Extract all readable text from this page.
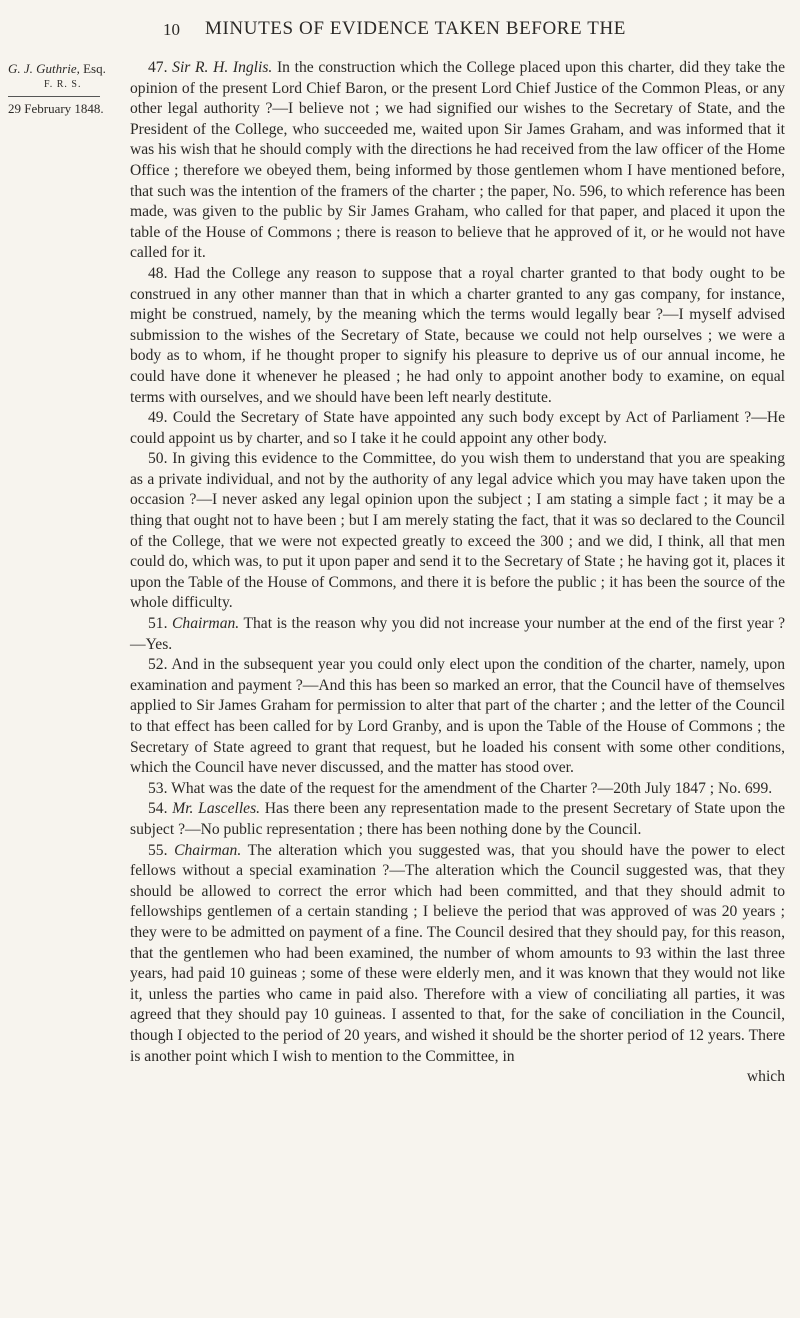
10 MINUTES OF EVIDENCE TAKEN BEFORE THE
G. J. Guthrie, Esq.
F. R. S.
29 February 1848.

47. Sir R. H. Inglis. In the construction which the College placed upon this charter, did they take the opinion of the present Lord Chief Baron, or the present Lord Chief Justice of the Common Pleas, or any other legal authority ?—I believe not ; we had signified our wishes to the Secretary of State, and the President of the College, who succeeded me, waited upon Sir James Graham, and was informed that it was his wish that he should comply with the directions he had received from the law officer of the Home Office ; therefore we obeyed them, being informed by those gentlemen whom I have mentioned before, that such was the intention of the framers of the charter ; the paper, No. 596, to which reference has been made, was given to the public by Sir James Graham, who called for that paper, and placed it upon the table of the House of Commons ; there is reason to believe that he approved of it, or he would not have called for it.

48. Had the College any reason to suppose that a royal charter granted to that body ought to be construed in any other manner than that in which a charter granted to any gas company, for instance, might be construed, namely, by the meaning which the terms would legally bear ?—I myself advised submission to the wishes of the Secretary of State, because we could not help ourselves ; we were a body as to whom, if he thought proper to signify his pleasure to deprive us of our annual income, he could have done it whenever he pleased ; he had only to appoint another body to examine, on equal terms with ourselves, and we should have been left nearly destitute.

49. Could the Secretary of State have appointed any such body except by Act of Parliament ?—He could appoint us by charter, and so I take it he could appoint any other body.

50. In giving this evidence to the Committee, do you wish them to understand that you are speaking as a private individual, and not by the authority of any legal advice which you may have taken upon the occasion ?—I never asked any legal opinion upon the subject ; I am stating a simple fact ; it may be a thing that ought not to have been ; but I am merely stating the fact, that it was so declared to the Council of the College, that we were not expected greatly to exceed the 300 ; and we did, I think, all that men could do, which was, to put it upon paper and send it to the Secretary of State ; he having got it, places it upon the Table of the House of Commons, and there it is before the public ; it has been the source of the whole difficulty.

51. Chairman. That is the reason why you did not increase your number at the end of the first year ?—Yes.

52. And in the subsequent year you could only elect upon the condition of the charter, namely, upon examination and payment ?—And this has been so marked an error, that the Council have of themselves applied to Sir James Graham for permission to alter that part of the charter ; and the letter of the Council to that effect has been called for by Lord Granby, and is upon the Table of the House of Commons ; the Secretary of State agreed to grant that request, but he loaded his consent with some other conditions, which the Council have never discussed, and the matter has stood over.

53. What was the date of the request for the amendment of the Charter ?—20th July 1847 ; No. 699.

54. Mr. Lascelles. Has there been any representation made to the present Secretary of State upon the subject ?—No public representation ; there has been nothing done by the Council.

55. Chairman. The alteration which you suggested was, that you should have the power to elect fellows without a special examination ?—The alteration which the Council suggested was, that they should be allowed to correct the error which had been committed, and that they should admit to fellowships gentlemen of a certain standing ; I believe the period that was approved of was 20 years ; they were to be admitted on payment of a fine. The Council desired that they should pay, for this reason, that the gentlemen who had been examined, the number of whom amounts to 93 within the last three years, had paid 10 guineas ; some of these were elderly men, and it was known that they would not like it, unless the parties who came in paid also. Therefore with a view of conciliating all parties, it was agreed that they should pay 10 guineas. I assented to that, for the sake of conciliation in the Council, though I objected to the period of 20 years, and wished it should be the shorter period of 12 years. There is another point which I wish to mention to the Committee, in

which
